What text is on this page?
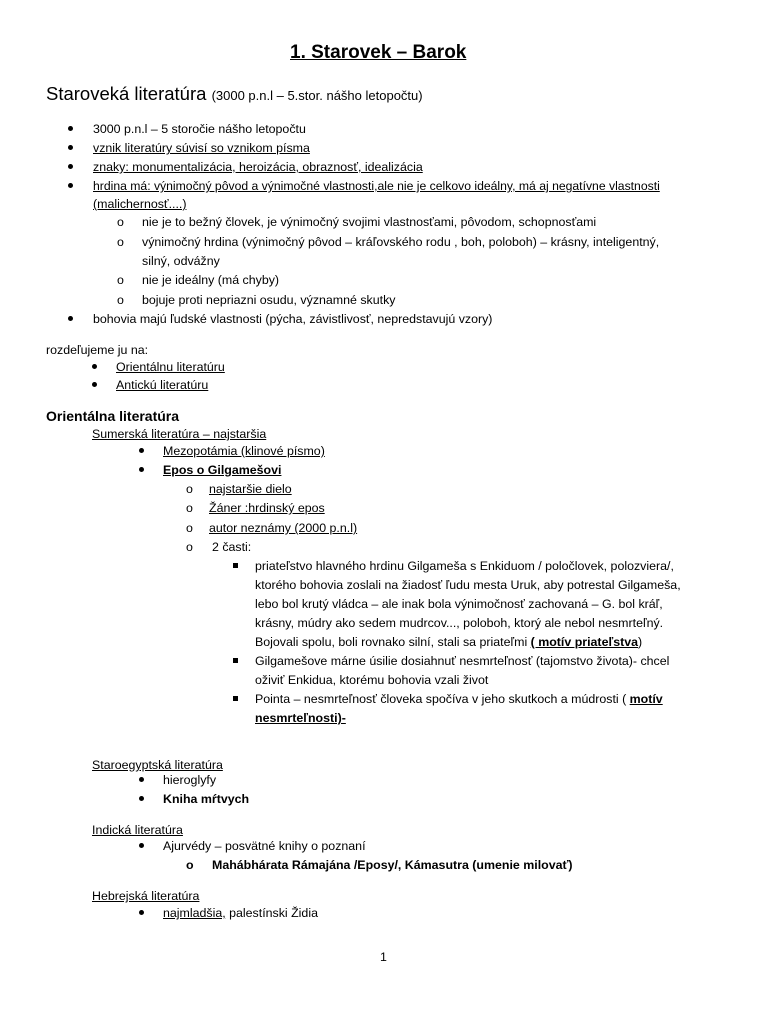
1. Starovek – Barok
Staroveká literatúra (3000 p.n.l – 5.stor. nášho letopočtu)
3000 p.n.l – 5 storočie nášho letopočtu
vznik literatúry súvisí so vznikom písma
znaky: monumentalizácia, heroizácia, obraznosť, idealizácia
hrdina má: výnimočný pôvod a výnimočné vlastnosti,ale nie je celkovo ideálny, má aj negatívne vlastnosti
(malichernosť....)
o nie je to bežný človek, je výnimočný svojimi vlastnosťami, pôvodom, schopnosťami
o výnimočný hrdina (výnimočný pôvod – kráľovského rodu , boh, poloboh) – krásny, inteligentný,
silný, odvážny
o nie je ideálny (má chyby)
o bojuje proti nepriazni osudu, významné skutky
bohovia majú ľudské vlastnosti (pýcha, závistlivosť, nepredstavujú vzory)
rozdeľujeme ju na:
Orientálnu literatúru
Antickú literatúru
Orientálna literatúra
Sumerská literatúra – najstaršia
Mezopotámia (klinové písmo)
Epos o Gilgamešovi
o najstaršie dielo
o Žáner :hrdinský epos
o autor neznámy (2000 p.n.l)
o 2 časti:
priateľstvo hlavného hrdinu Gilgameša s Enkiduom / poločlovek, polozviera/,
ktorého bohovia zoslali na žiadosť ľudu mesta Uruk, aby potrestal Gilgameša,
lebo bol krutý vládca – ale inak bola výnimočnosť zachovaná – G. bol kráľ,
krásny, múdry ako sedem mudrcov..., poloboh, ktorý ale nebol nesmrteľný.
Bojovali spolu, boli rovnako silní, stali sa priateľmi ( motív priateľstva)
Gilgamešove márne úsilie dosiahnuť nesmrteľnosť (tajomstvo života)- chcel
oživiť Enkidua, ktorému bohovia vzali život
Pointa – nesmrteľnosť človeka spočíva v jeho skutkoch a múdrosti ( motív
nesmrteľnosti)-
Staroegyptská literatúra
hieroglyfy
Kniha mŕtvych
Indická literatúra
Ajurvédy – posvätné knihy o poznaní
o Mahábhárata Rámajána /Eposy/, Kámasutra (umenie milovať)
Hebrejská literatúra
najmladšia, palestínski Židia
1
